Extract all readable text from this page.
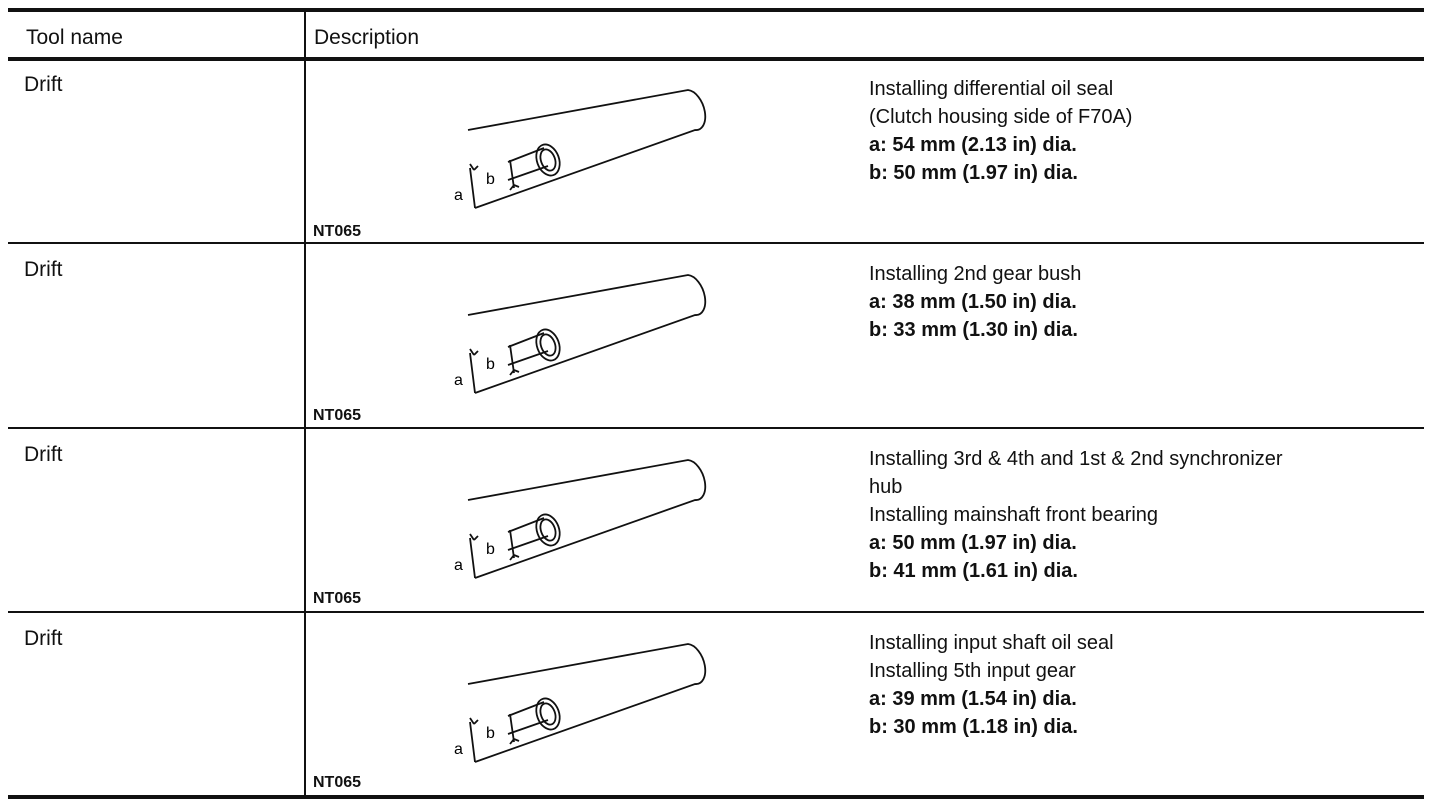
Tool name	Description
Drift
a
b
NT065
Installing differential oil seal
(Clutch housing side of F70A)
a: 54 mm (2.13 in) dia.
b: 50 mm (1.97 in) dia.
Drift
a
b
NT065
Installing 2nd gear bush
a: 38 mm (1.50 in) dia.
b: 33 mm (1.30 in) dia.
Drift
a
b
NT065
Installing 3rd & 4th and 1st & 2nd synchronizer
hub
Installing mainshaft front bearing
a: 50 mm (1.97 in) dia.
b: 41 mm (1.61 in) dia.
Drift
a
b
NT065
Installing input shaft oil seal
Installing 5th input gear
a: 39 mm (1.54 in) dia.
b: 30 mm (1.18 in) dia.
